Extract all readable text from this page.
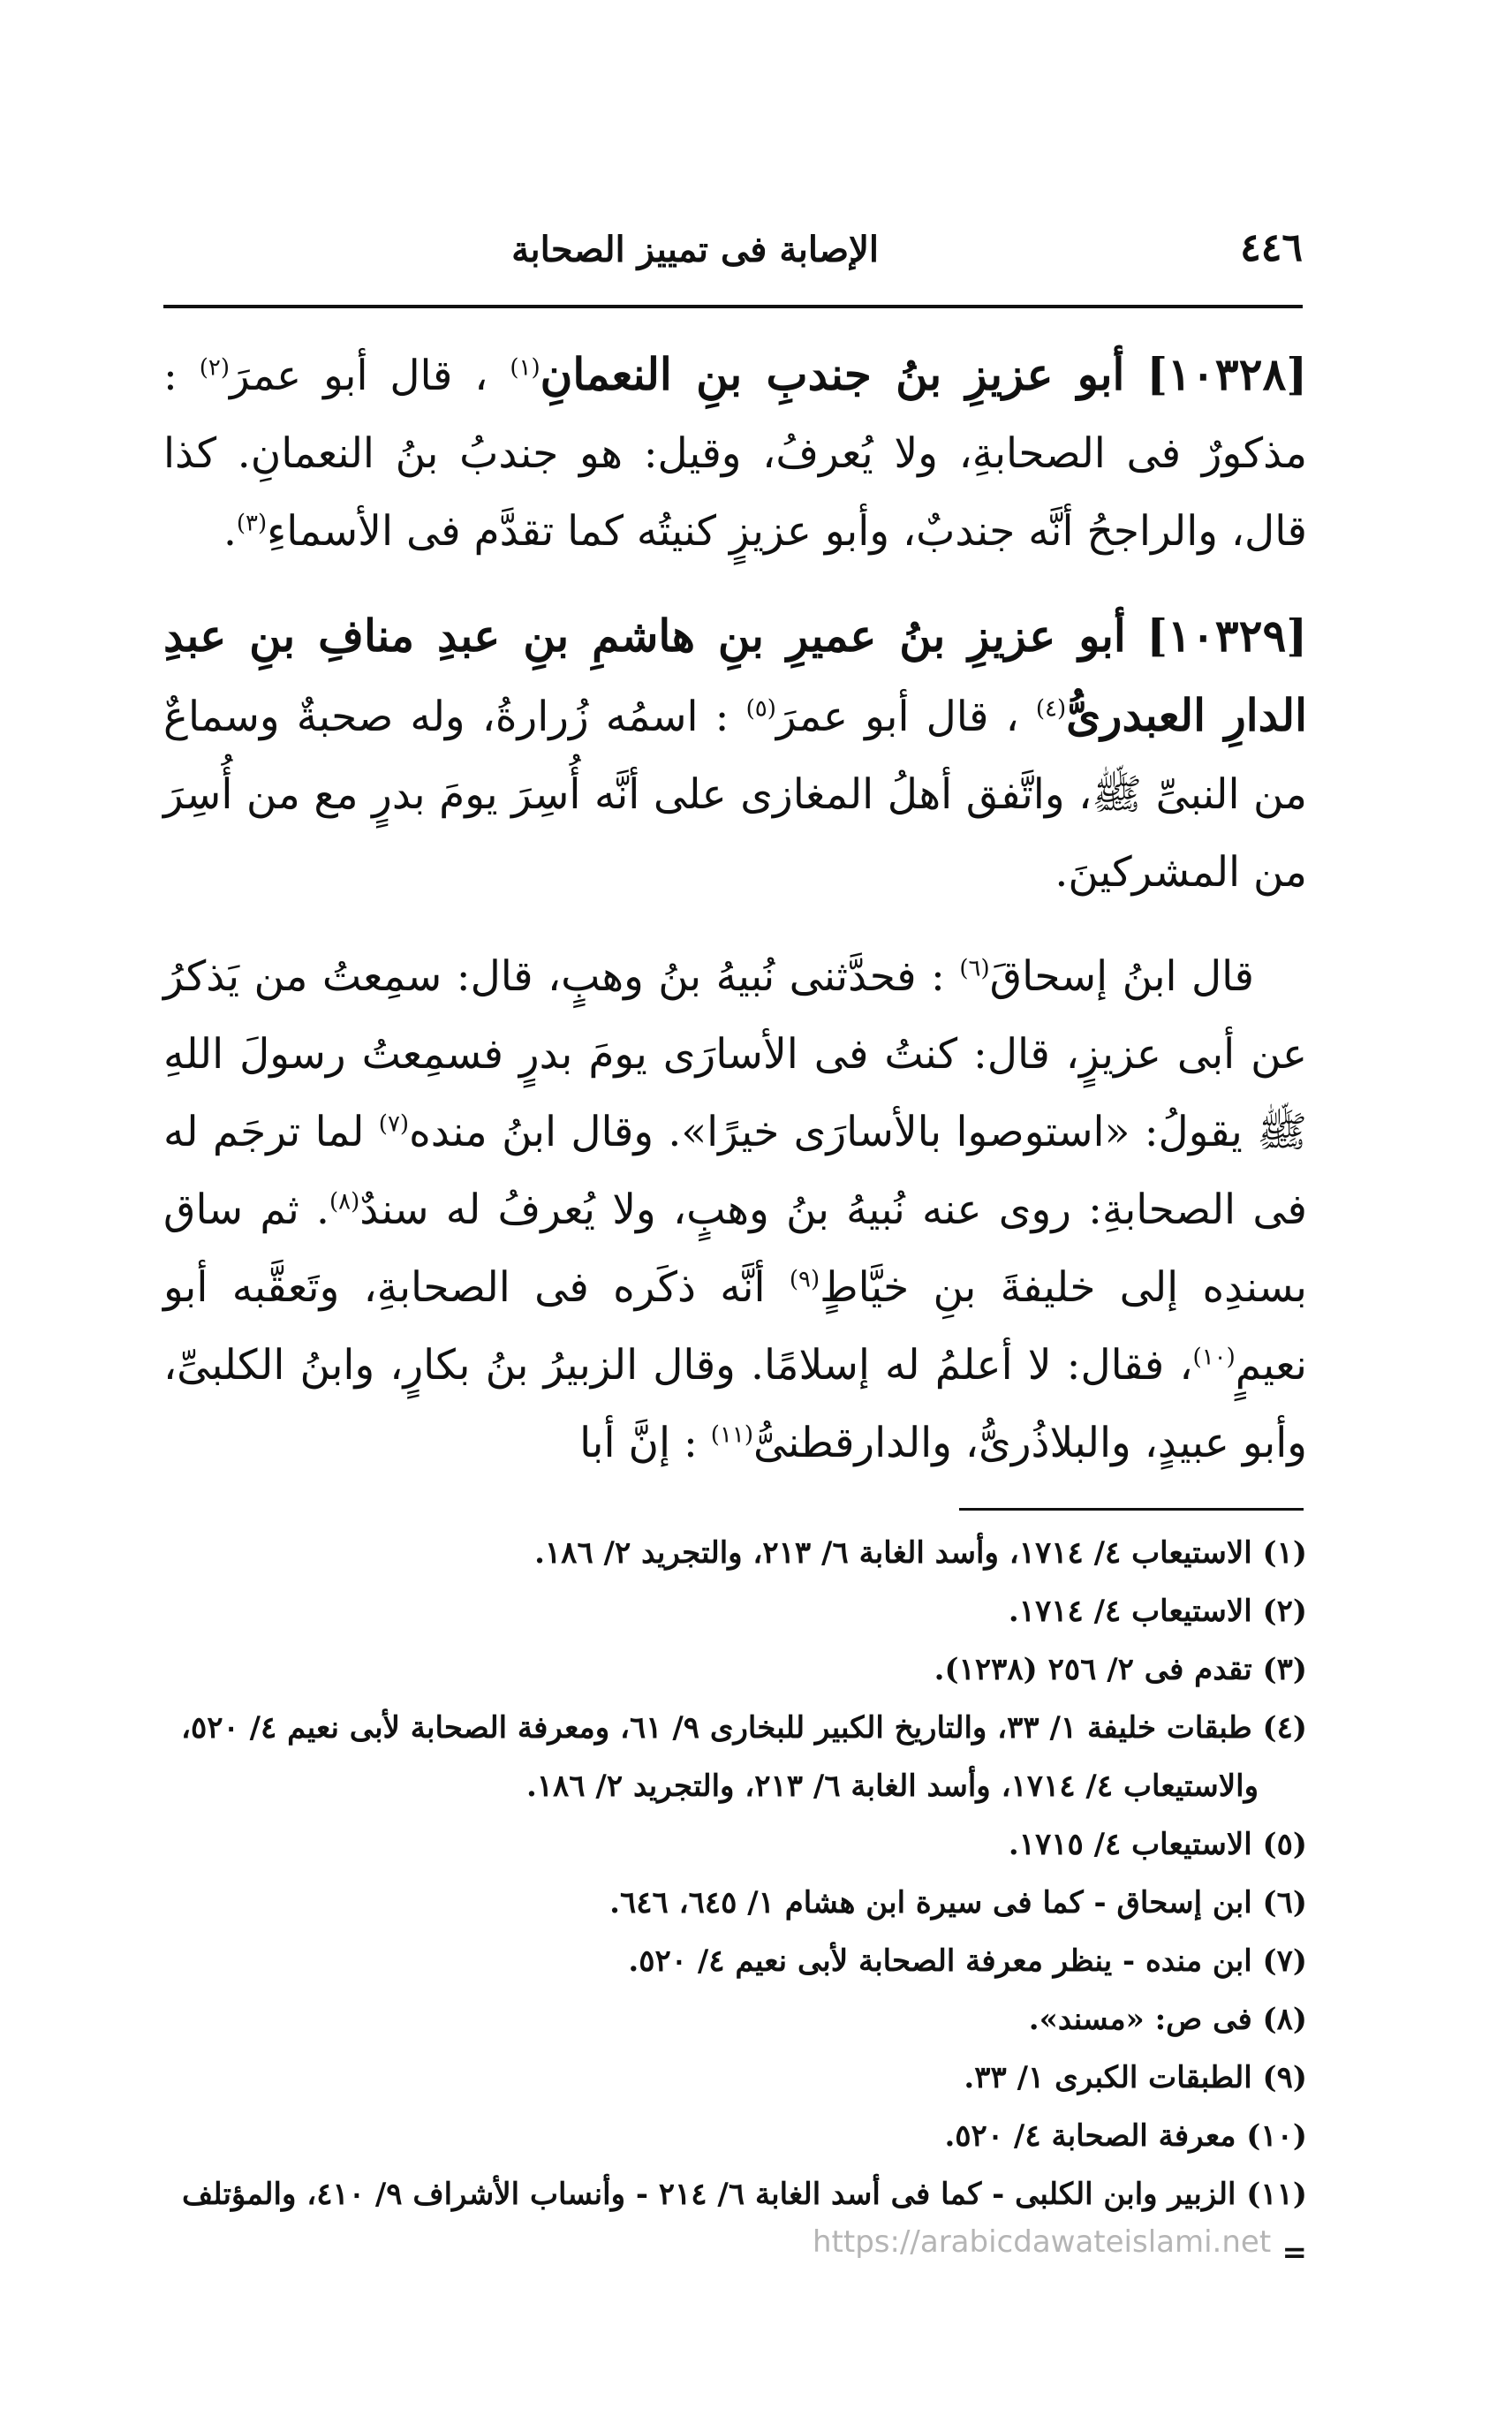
٤٤٦
الإصابة فى تمييز الصحابة
[١٠٣٢٨] أبو عزيزِ بنُ جندبِ بنِ النعمانِ$^{(١)}$ ، قال أبو عمرَ$^{(٢)}$ : مذكورٌ فى الصحابةِ، ولا يُعرفُ، وقيل: هو جندبُ بنُ النعمانِ. كذا قال، والراجحُ أنَّه جندبٌ، وأبو عزيزٍ كنيتُه كما تقدَّم فى الأسماءِ$^{(٣)}$.
[١٠٣٢٩] أبو عزيزِ بنُ عميرِ بنِ هاشمِ بنِ عبدِ منافِ بنِ عبدِ الدارِ العبدرىُّ$^{(٤)}$ ، قال أبو عمرَ$^{(٥)}$ : اسمُه زُرارةُ، وله صحبةٌ وسماعٌ من النبىِّ ﷺ، واتَّفق أهلُ المغازى على أنَّه أُسِرَ يومَ بدرٍ مع من أُسِرَ من المشركينَ.

قال ابنُ إسحاقَ$^{(٦)}$ : فحدَّثنى نُبيهُ بنُ وهبٍ، قال: سمِعتُ من يَذكرُ عن أبى عزيزٍ، قال: كنتُ فى الأسارَى يومَ بدرٍ فسمِعتُ رسولَ اللهِ ﷺ يقولُ: «استوصوا بالأسارَى خيرًا». وقال ابنُ منده$^{(٧)}$ لما ترجَم له فى الصحابةِ: روى عنه نُبيهُ بنُ وهبٍ، ولا يُعرفُ له سندٌ$^{(٨)}$. ثم ساق بسندِه إلى خليفةَ بنِ خيَّاطٍ$^{(٩)}$ أنَّه ذكَره فى الصحابةِ، وتَعقَّبه أبو نعيمٍ$^{(١٠)}$، فقال: لا أعلمُ له إسلامًا. وقال الزبيرُ بنُ بكارٍ، وابنُ الكلبىِّ، وأبو عبيدٍ، والبلاذُرىُّ، والدارقطنىُّ$^{(١١)}$ : إنَّ أبا

(١) الاستيعاب ٤/ ١٧١٤، وأسد الغابة ٦/ ٢١٣، والتجريد ٢/ ١٨٦.

(٢) الاستيعاب ٤/ ١٧١٤.

(٣) تقدم فى ٢/ ٢٥٦ (١٢٣٨).

(٤) طبقات خليفة ١/ ٣٣، والتاريخ الكبير للبخارى ٩/ ٦١، ومعرفة الصحابة لأبى نعيم ٤/ ٥٢٠،
والاستيعاب ٤/ ١٧١٤، وأسد الغابة ٦/ ٢١٣، والتجريد ٢/ ١٨٦.

(٥) الاستيعاب ٤/ ١٧١٥.

(٦) ابن إسحاق - كما فى سيرة ابن هشام ١/ ٦٤٥، ٦٤٦.

(٧) ابن منده - ينظر معرفة الصحابة لأبى نعيم ٤/ ٥٢٠.

(٨) فى ص: «مسند».

(٩) الطبقات الكبرى ١/ ٣٣.

(١٠) معرفة الصحابة ٤/ ٥٢٠.

(١١) الزبير وابن الكلبى - كما فى أسد الغابة ٦/ ٢١٤ - وأنساب الأشراف ٩/ ٤١٠، والمؤتلف =

https://arabicdawateislami.net
